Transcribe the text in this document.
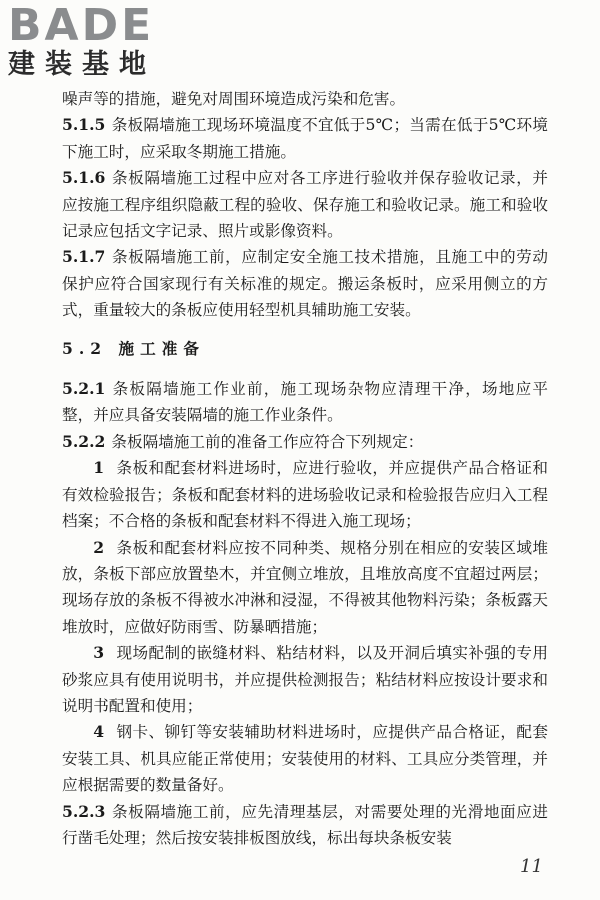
BADE
建装基地

噪声等的措施，避免对周围环境造成污染和危害。

5.1.5 条板隔墙施工现场环境温度不宜低于5℃；当需在低于5℃环境下施工时，应采取冬期施工措施。

5.1.6 条板隔墙施工过程中应对各工序进行验收并保存验收记录，并应按施工程序组织隐蔽工程的验收、保存施工和验收记录。施工和验收记录应包括文字记录、照片或影像资料。

5.1.7 条板隔墙施工前，应制定安全施工技术措施，且施工中的劳动保护应符合国家现行有关标准的规定。搬运条板时，应采用侧立的方式，重量较大的条板应使用轻型机具辅助施工安装。

5.2 施工准备

5.2.1 条板隔墙施工作业前，施工现场杂物应清理干净，场地应平整，并应具备安装隔墙的施工作业条件。

5.2.2 条板隔墙施工前的准备工作应符合下列规定：

1 条板和配套材料进场时，应进行验收，并应提供产品合格证和有效检验报告；条板和配套材料的进场验收记录和检验报告应归入工程档案；不合格的条板和配套材料不得进入施工现场；

2 条板和配套材料应按不同种类、规格分别在相应的安装区域堆放，条板下部应放置垫木，并宜侧立堆放，且堆放高度不宜超过两层；现场存放的条板不得被水冲淋和浸湿，不得被其他物料污染；条板露天堆放时，应做好防雨雪、防暴晒措施；

3 现场配制的嵌缝材料、粘结材料，以及开洞后填实补强的专用砂浆应具有使用说明书，并应提供检测报告；粘结材料应按设计要求和说明书配置和使用；

4 钢卡、铆钉等安装辅助材料进场时，应提供产品合格证，配套安装工具、机具应能正常使用；安装使用的材料、工具应分类管理，并应根据需要的数量备好。

5.2.3 条板隔墙施工前，应先清理基层，对需要处理的光滑地面应进行凿毛处理；然后按安装排板图放线，标出每块条板安装

11
